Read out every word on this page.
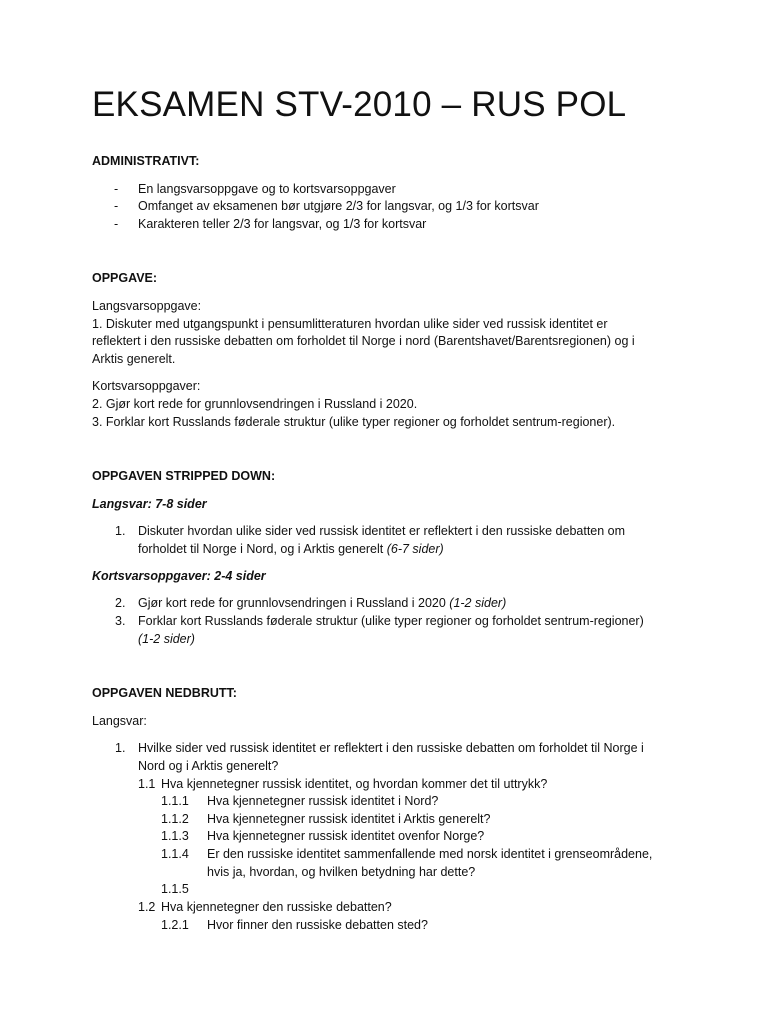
EKSAMEN STV-2010 – RUS POL
ADMINISTRATIVT:
- En langsvarsoppgave og to kortsvarsoppgaver
- Omfanget av eksamenen bør utgjøre 2/3 for langsvar, og 1/3 for kortsvar
- Karakteren teller 2/3 for langsvar, og 1/3 for kortsvar
OPPGAVE:
Langsvarsoppgave:
1. Diskuter med utgangspunkt i pensumlitteraturen hvordan ulike sider ved russisk identitet er
reflektert i den russiske debatten om forholdet til Norge i nord (Barentshavet/Barentsregionen) og i
Arktis generelt.
Kortsvarsoppgaver:
2. Gjør kort rede for grunnlovsendringen i Russland i 2020.
3. Forklar kort Russlands føderale struktur (ulike typer regioner og forholdet sentrum-regioner).
OPPGAVEN STRIPPED DOWN:
Langsvar: 7-8 sider
1. Diskuter hvordan ulike sider ved russisk identitet er reflektert i den russiske debatten om
forholdet til Norge i Nord, og i Arktis generelt (6-7 sider)
Kortsvarsoppgaver: 2-4 sider
2. Gjør kort rede for grunnlovsendringen i Russland i 2020 (1-2 sider)
3. Forklar kort Russlands føderale struktur (ulike typer regioner og forholdet sentrum-regioner)
(1-2 sider)
OPPGAVEN NEDBRUTT:
Langsvar:
1. Hvilke sider ved russisk identitet er reflektert i den russiske debatten om forholdet til Norge i
Nord og i Arktis generelt?
1.1 Hva kjennetegner russisk identitet, og hvordan kommer det til uttrykk?
1.1.1 Hva kjennetegner russisk identitet i Nord?
1.1.2 Hva kjennetegner russisk identitet i Arktis generelt?
1.1.3 Hva kjennetegner russisk identitet ovenfor Norge?
1.1.4 Er den russiske identitet sammenfallende med norsk identitet i grenseområdene,
hvis ja, hvordan, og hvilken betydning har dette?
1.1.5
1.2 Hva kjennetegner den russiske debatten?
1.2.1 Hvor finner den russiske debatten sted?
